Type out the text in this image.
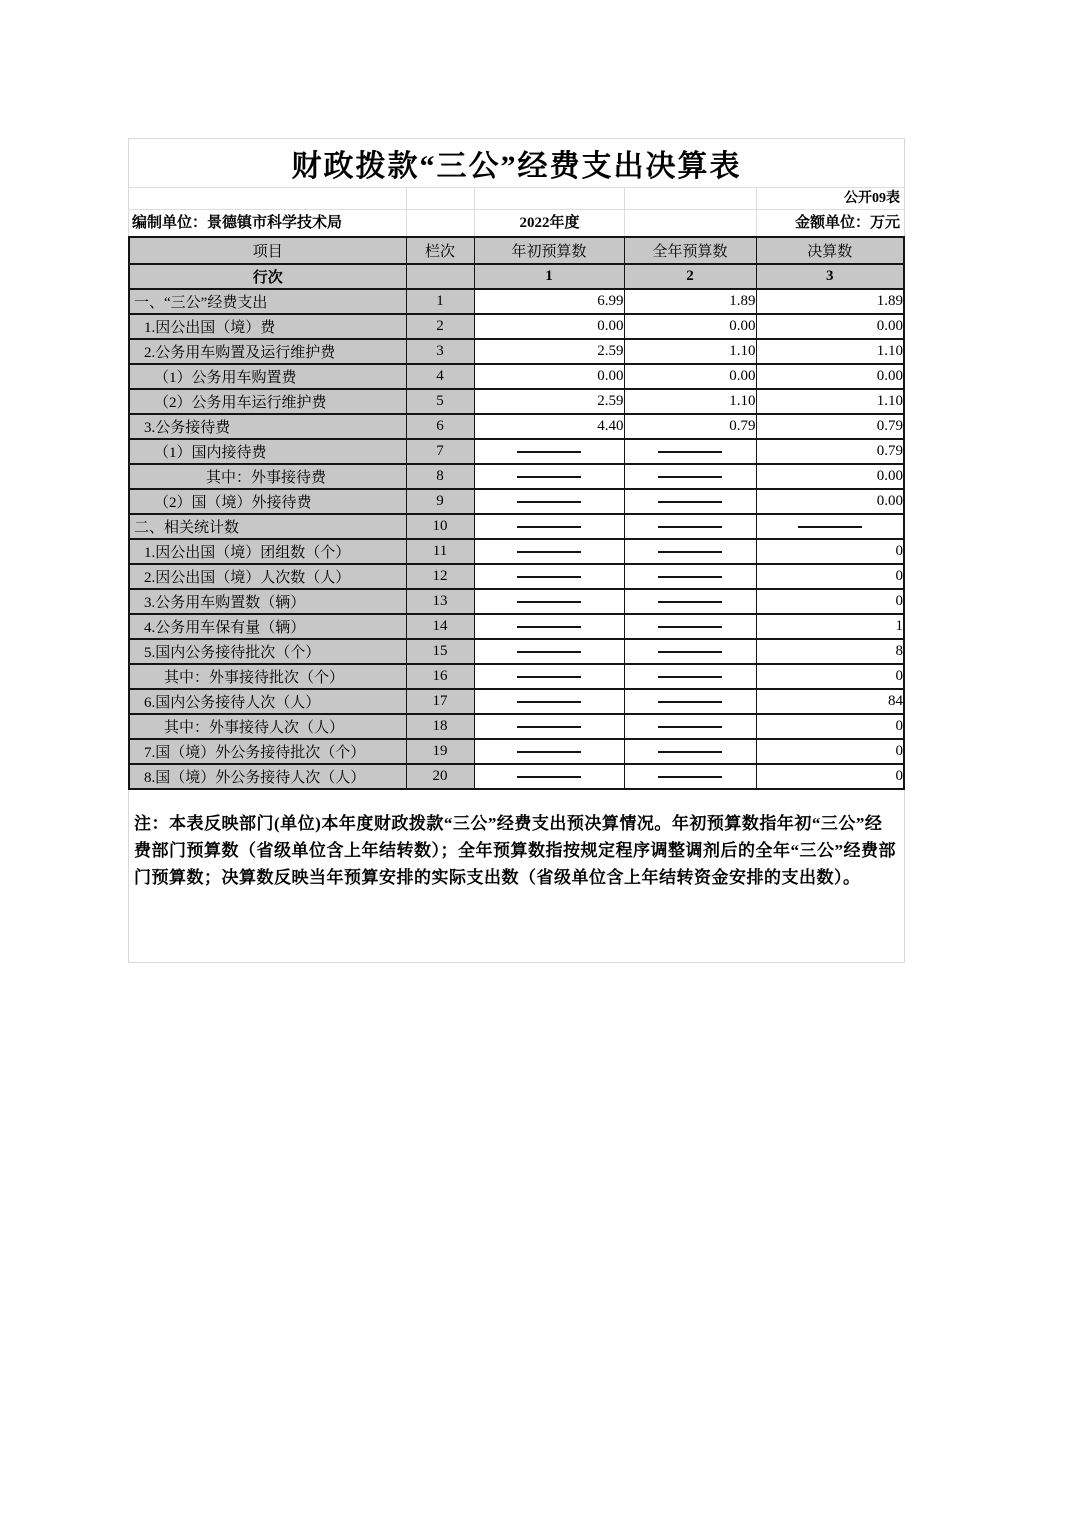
财政拨款“三公”经费支出决算表
公开09表
编制单位：景德镇市科学技术局	2022年度	金额单位：万元
项目	栏次	年初预算数	全年预算数	决算数
行次		1	2	3
一、“三公”经费支出	1	6.99	1.89	1.89
1.因公出国（境）费	2	0.00	0.00	0.00
2.公务用车购置及运行维护费	3	2.59	1.10	1.10
（1）公务用车购置费	4	0.00	0.00	0.00
（2）公务用车运行维护费	5	2.59	1.10	1.10
3.公务接待费	6	4.40	0.79	0.79
（1）国内接待费	7			0.79
其中：外事接待费	8			0.00
（2）国（境）外接待费	9			0.00
二、相关统计数	10			
1.因公出国（境）团组数（个）	11			0
2.因公出国（境）人次数（人）	12			0
3.公务用车购置数（辆）	13			0
4.公务用车保有量（辆）	14			1
5.国内公务接待批次（个）	15			8
其中：外事接待批次（个）	16			0
6.国内公务接待人次（人）	17			84
其中：外事接待人次（人）	18			0
7.国（境）外公务接待批次（个）	19			0
8.国（境）外公务接待人次（人）	20			0

注：本表反映部门(单位)本年度财政拨款“三公”经费支出预决算情况。年初预算数指年初“三公”经费部门预算数（省级单位含上年结转数）；全年预算数指按规定程序调整调剂后的全年“三公”经费部门预算数；决算数反映当年预算安排的实际支出数（省级单位含上年结转资金安排的支出数）。
